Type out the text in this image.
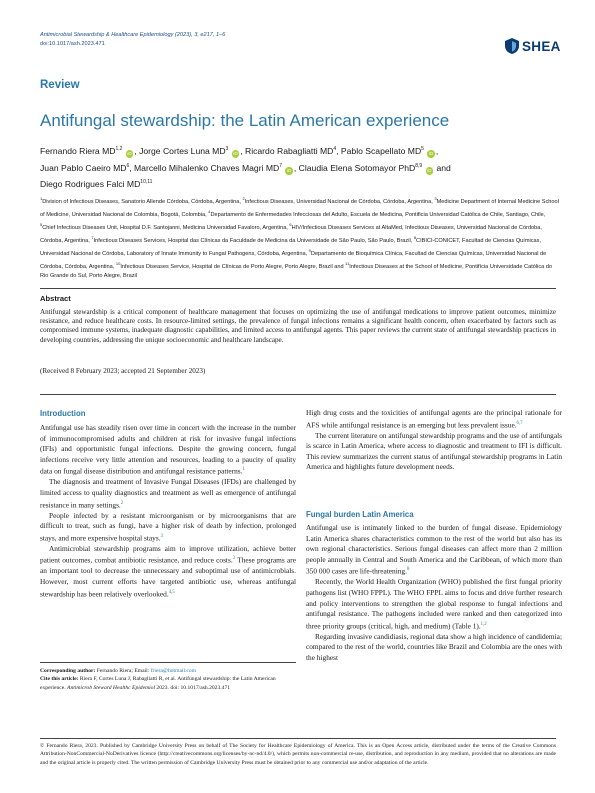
Antimicrobial Stewardship & Healthcare Epidemiology (2023), 3, e217, 1–6
doi:10.1017/ash.2023.471	SHEA
Review
Antifungal stewardship: the Latin American experience
Fernando Riera MD$^{1,2}$ iD , Jorge Cortes Luna $MD^3$ iD , Ricardo Rabagliatti $MD^4$, Pablo Scapellato $MD^5$ iD ,
Juan Pablo Caeiro $MD^6$, Marcello Mihalenko Chaves Magri $MD^7$ iD , Claudia Elena Sotomayor PhD$^{8,9}$ iD and
Diego Rodrigues Falci MD$^{10,11}$
$^1$Division of Infectious Diseases, Sanatorio Allende Córdoba, Córdoba, Argentina, $^2$Infectious Diseases, Universidad Nacional de Córdoba, Córdoba, Argentina, $^3$Medicine Department of Internal Medicine School of Medicine, Universidad Nacional de Colombia, Bogotá, Colombia, $^4$Departamento de Enfermedades Infecciosas del Adulto, Escuela de Medicina, Pontificia Universidad Católica de Chile, Santiago, Chile, $^5$Chief Infectious Diseases Unit, Hospital D.F. Santojanni, Medicina Universidad Favaloro, Argentina, $^6$HIV/Infectious Diseases Services at AltaMed, Infectious Diseases, Universidad Nacional de Córdoba, Córdoba, Argentina, $^7$Infectious Diseases Services, Hospital das Clínicas da Faculdade de Medicina da Universidade de São Paulo, São Paulo, Brazil, $^8$CIBICI-CONICET, Facultad de Ciencias Químicas, Universidad Nacional de Córdoba, Laboratory of Innate Immunity to Fungal Pathogens, Córdoba, Argentina, $^9$Departamento de Bioquímica Clínica, Facultad de Ciencias Químicas, Universidad Nacional de Córdoba, Córdoba, Argentina, $^{10}$Infectious Diseases Service, Hospital de Clínicas de Porto Alegre, Porto Alegre, Brazil and $^{11}$Infectious Diseases at the School of Medicine, Pontifícia Universidade Católica do Rio Grande do Sul, Porto Alegre, Brazil
Abstract
Antifungal stewardship is a critical component of healthcare management that focuses on optimizing the use of antifungal medications to improve patient outcomes, minimize resistance, and reduce healthcare costs. In resource-limited settings, the prevalence of fungal infections remains a significant health concern, often exacerbated by factors such as compromised immune systems, inadequate diagnostic capabilities, and limited access to antifungal agents. This paper reviews the current state of antifungal stewardship practices in developing countries, addressing the unique socioeconomic and healthcare landscape.
(Received 8 February 2023; accepted 21 September 2023)
Introduction

Antifungal use has steadily risen over time in concert with the increase in the number of immunocompromised adults and children at risk for invasive fungal infections (IFIs) and opportunistic fungal infections. Despite the growing concern, fungal infections receive very little attention and resources, leading to a paucity of quality data on fungal disease distribution and antifungal resistance patterns.$^1$

The diagnosis and treatment of Invasive Fungal Diseases (IFDs) are challenged by limited access to quality diagnostics and treatment as well as emergence of antifungal resistance in many settings.$^2$

People infected by a resistant microorganism or by microorganisms that are difficult to treat, such as fungi, have a higher risk of death by infection, prolonged stays, and more expensive hospital stays.$^3$

Antimicrobial stewardship programs aim to improve utilization, achieve better patient outcomes, combat antibiotic resistance, and reduce costs.$^3$ These programs are an important tool to decrease the unnecessary and suboptimal use of antimicrobials. However, most current efforts have targeted antibiotic use, whereas antifungal stewardship has been relatively overlooked.$^{4,5}$

High drug costs and the toxicities of antifungal agents are the principal rationale for AFS while antifungal resistance is an emerging but less prevalent issue.$^{6,7}$

The current literature on antifungal stewardship programs and the use of antifungals is scarce in Latin America, where access to diagnostic and treatment to IFI is difficult. This review summarizes the current status of antifungal stewardship programs in Latin America and highlights future development needs.

Fungal burden Latin America

Antifungal use is intimately linked to the burden of fungal disease. Epidemiology Latin America shares characteristics common to the rest of the world but also has its own regional characteristics. Serious fungal diseases can affect more than 2 million people annually in Central and South America and the Caribbean, of which more than 350 000 cases are life-threatening.$^8$

Recently, the World Health Organization (WHO) published the first fungal priority pathogens list (WHO FPPL). The WHO FPPL aims to focus and drive further research and policy interventions to strengthen the global response to fungal infections and antifungal resistance. The pathogens included were ranked and then categorized into three priority groups (critical, high, and medium) (Table 1).$^{1,2}$

Regarding invasive candidiasis, regional data show a high incidence of candidemia; compared to the rest of the world, countries like Brazil and Colombia are the ones with the highest

Corresponding author: Fernando Riera; Email: friera@hotmail.com
Cite this article: Riera F, Cortes Luna J, Rabagliatti R, et al. Antifungal stewardship: the Latin American experience. Antimicrob Steward Healthc Epidemiol 2023. doi: 10.1017/ash.2023.471
© Fernando Riera, 2023. Published by Cambridge University Press on behalf of The Society for Healthcare Epidemiology of America. This is an Open Access article, distributed under the terms of the Creative Commons Attribution-NonCommercial-NoDerivatives licence (http://creativecommons.org/licenses/by-nc-nd/4.0/), which permits non-commercial re-use, distribution, and reproduction in any medium, provided that no alterations are made and the original article is properly cited. The written permission of Cambridge University Press must be obtained prior to any commercial use and/or adaptation of the article.
